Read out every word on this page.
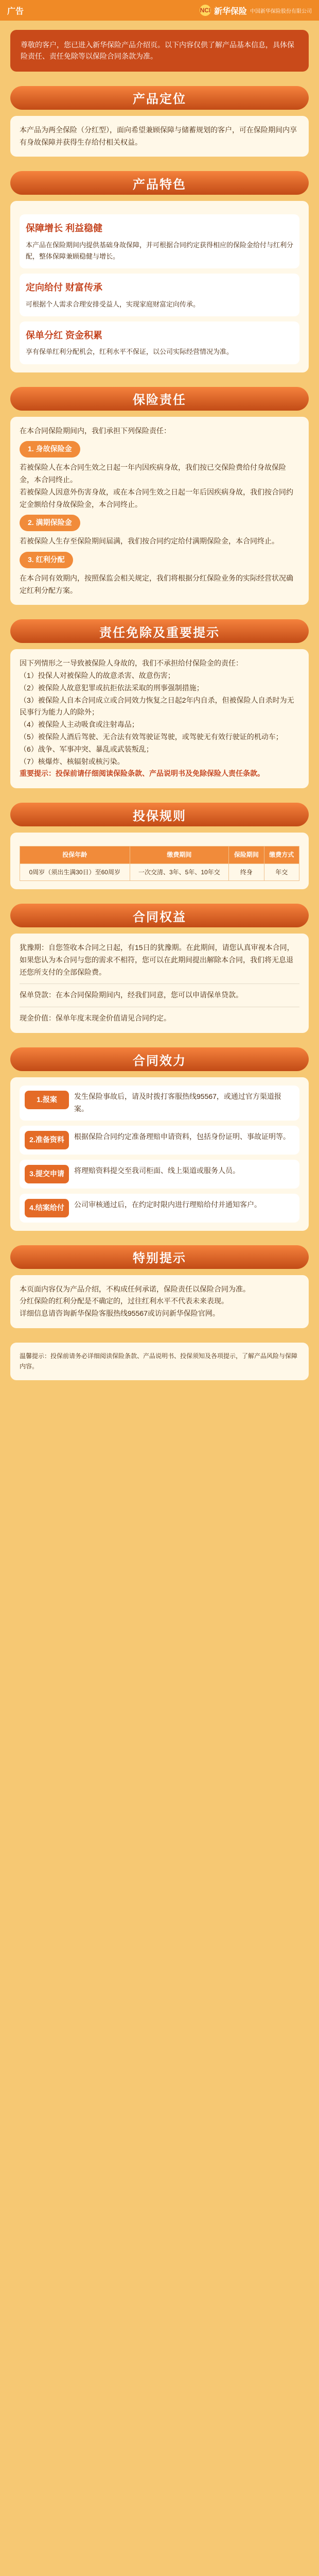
广告	NCI 新华保险 中国新华保险股份有限公司
尊敬的客户，您已进入新华保险产品介绍页。以下内容仅供了解产品基本信息，具体保险责任、责任免除等以保险合同条款为准。
产品定位
本产品为两全保险（分红型），面向希望兼顾保障与储蓄规划的客户，可在保险期间内享有身故保障并获得生存给付相关权益。
产品特色
保障增长 利益稳健
本产品在保险期间内提供基础身故保障，并可根据合同约定获得相应的保险金给付与红利分配，整体保障兼顾稳健与增长。
定向给付 财富传承
可根据个人需求合理安排受益人，实现家庭财富定向传承。
保单分红 资金积累
享有保单红利分配机会，红利水平不保证，以公司实际经营情况为准。
保险责任
在本合同保险期间内，我们承担下列保险责任：
1. 身故保险金
若被保险人在本合同生效之日起一年内因疾病身故，我们按已交保险费给付身故保险金，本合同终止。
若被保险人因意外伤害身故，或在本合同生效之日起一年后因疾病身故，我们按合同约定金额给付身故保险金，本合同终止。
2. 满期保险金
若被保险人生存至保险期间届满，我们按合同约定给付满期保险金，本合同终止。
3. 红利分配
在本合同有效期内，按照保监会相关规定，我们将根据分红保险业务的实际经营状况确定红利分配方案。
责任免除及重要提示
因下列情形之一导致被保险人身故的，我们不承担给付保险金的责任：
（1）投保人对被保险人的故意杀害、故意伤害；
（2）被保险人故意犯罪或抗拒依法采取的刑事强制措施；
（3）被保险人自本合同成立或合同效力恢复之日起2年内自杀，但被保险人自杀时为无民事行为能力人的除外；
（4）被保险人主动吸食或注射毒品；
（5）被保险人酒后驾驶、无合法有效驾驶证驾驶，或驾驶无有效行驶证的机动车；
（6）战争、军事冲突、暴乱或武装叛乱；
（7）核爆炸、核辐射或核污染。
重要提示：投保前请仔细阅读保险条款、产品说明书及免除保险人责任条款。
投保规则
投保年龄	缴费期间	保险期间	缴费方式
0周岁（须出生满30日）至60周岁	一次交清、3年、5年、10年交	终身	年交
合同权益
犹豫期：自您签收本合同之日起，有15日的犹豫期。在此期间，请您认真审视本合同，如果您认为本合同与您的需求不相符，您可以在此期间提出解除本合同，我们将无息退还您所支付的全部保险费。
保单贷款：在本合同保险期间内，经我们同意，您可以申请保单贷款。
现金价值：保单年度末现金价值请见合同约定。
合同效力
1.报案	发生保险事故后，请及时拨打客服热线95567，或通过官方渠道报案。
2.准备资料	根据保险合同约定准备理赔申请资料，包括身份证明、事故证明等。
3.提交申请	将理赔资料提交至我司柜面、线上渠道或服务人员。
4.结案给付	公司审核通过后，在约定时限内进行理赔给付并通知客户。
特别提示
本页面内容仅为产品介绍，不构成任何承诺，保险责任以保险合同为准。
分红保险的红利分配是不确定的，过往红利水平不代表未来表现。
详细信息请咨询新华保险客服热线95567或访问新华保险官网。
温馨提示：投保前请务必详细阅读保险条款、产品说明书、投保须知及各项提示，了解产品风险与保障内容。
